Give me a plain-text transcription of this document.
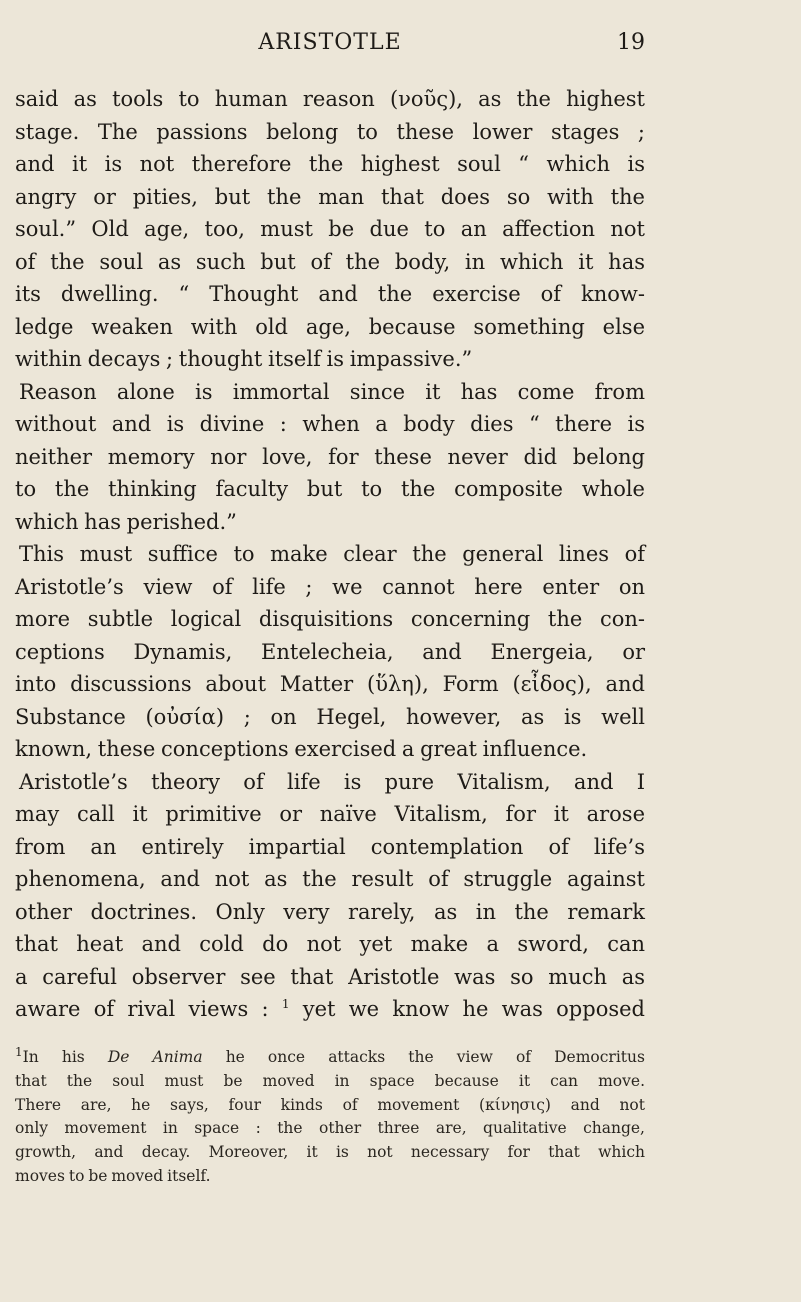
ARISTOTLE	19
said as tools to human reason (νοῦς), as the highest
stage. The passions belong to these lower stages ;
and it is not therefore the highest soul “ which is
angry or pities, but the man that does so with the
soul.” Old age, too, must be due to an affection not
of the soul as such but of the body, in which it has
its dwelling. “ Thought and the exercise of know-
ledge weaken with old age, because something else
within decays ; thought itself is impassive.”
Reason alone is immortal since it has come from
without and is divine : when a body dies “ there is
neither memory nor love, for these never did belong
to the thinking faculty but to the composite whole
which has perished.”
This must suffice to make clear the general lines of
Aristotle’s view of life ; we cannot here enter on
more subtle logical disquisitions concerning the con-
ceptions Dynamis, Entelecheia, and Energeia, or
into discussions about Matter (ὕλη), Form (εἶδος), and
Substance (οὐσία) ; on Hegel, however, as is well
known, these conceptions exercised a great influence.
Aristotle’s theory of life is pure Vitalism, and I
may call it primitive or naïve Vitalism, for it arose
from an entirely impartial contemplation of life’s
phenomena, and not as the result of struggle against
other doctrines. Only very rarely, as in the remark
that heat and cold do not yet make a sword, can
a careful observer see that Aristotle was so much as
aware of rival views : $^1$ yet we know he was opposed
$^1$In his De Anima he once attacks the view of Democritus
that the soul must be moved in space because it can move.
There are, he says, four kinds of movement (κίνησις) and not
only movement in space : the other three are, qualitative change,
growth, and decay. Moreover, it is not necessary for that which
moves to be moved itself.
